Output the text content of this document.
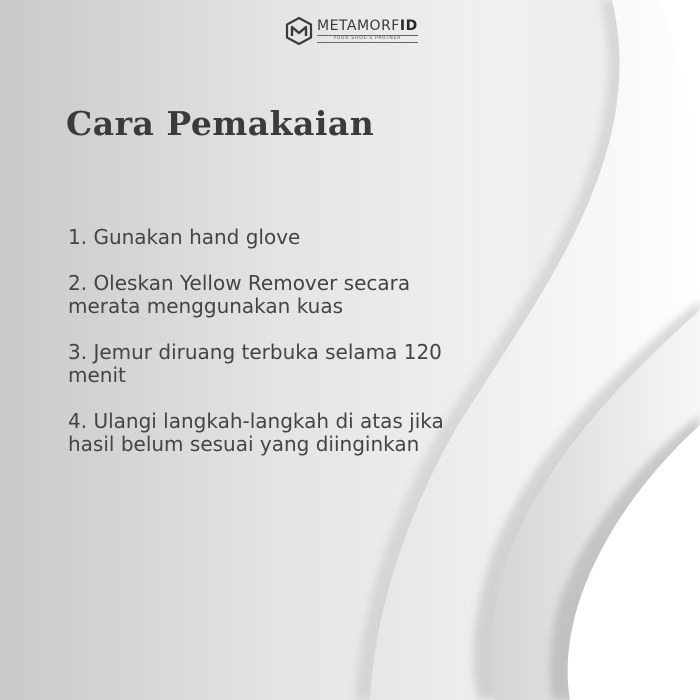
METAMORFID
YOUR SHOE'S PARTNER
Cara Pemakaian
1. Gunakan hand glove
2. Oleskan Yellow Remover secara merata menggunakan kuas
3. Jemur diruang terbuka selama 120 menit
4. Ulangi langkah-langkah di atas jika hasil belum sesuai yang diinginkan
